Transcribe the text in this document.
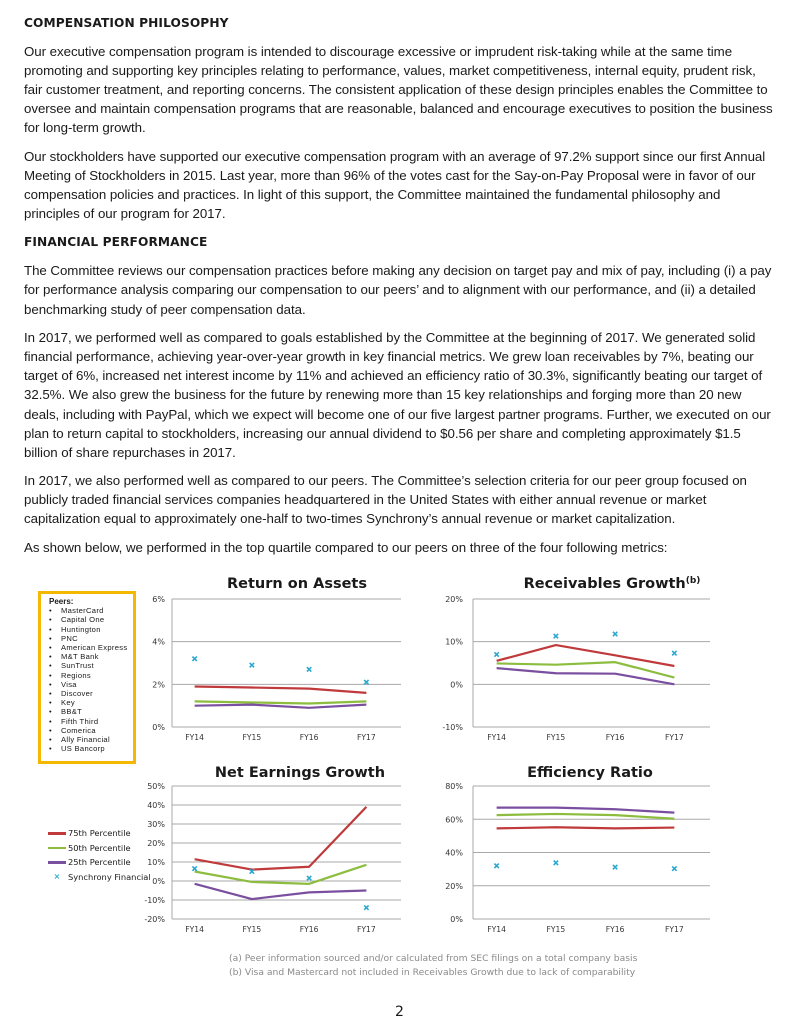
COMPENSATION PHILOSOPHY

Our executive compensation program is intended to discourage excessive or imprudent risk-taking while at the same time promoting and supporting key principles relating to performance, values, market competitiveness, internal equity, prudent risk, fair customer treatment, and reporting concerns. The consistent application of these design principles enables the Committee to oversee and maintain compensation programs that are reasonable, balanced and encourage executives to position the business for long-term growth.

Our stockholders have supported our executive compensation program with an average of 97.2% support since our first Annual Meeting of Stockholders in 2015. Last year, more than 96% of the votes cast for the Say-on-Pay Proposal were in favor of our compensation policies and practices. In light of this support, the Committee maintained the fundamental philosophy and principles of our program for 2017.

FINANCIAL PERFORMANCE

The Committee reviews our compensation practices before making any decision on target pay and mix of pay, including (i) a pay for performance analysis comparing our compensation to our peers’ and to alignment with our performance, and (ii) a detailed benchmarking study of peer compensation data.

In 2017, we performed well as compared to goals established by the Committee at the beginning of 2017. We generated solid financial performance, achieving year-over-year growth in key financial metrics. We grew loan receivables by 7%, beating our target of 6%, increased net interest income by 11% and achieved an efficiency ratio of 30.3%, significantly beating our target of 32.5%. We also grew the business for the future by renewing more than 15 key relationships and forging more than 20 new deals, including with PayPal, which we expect will become one of our five largest partner programs. Further, we executed on our plan to return capital to stockholders, increasing our annual dividend to $0.56 per share and completing approximately $1.5 billion of share repurchases in 2017.

In 2017, we also performed well as compared to our peers. The Committee’s selection criteria for our peer group focused on publicly traded financial services companies headquartered in the United States with either annual revenue or market capitalization equal to approximately one-half to two-times Synchrony’s annual revenue or market capitalization.

As shown below, we performed in the top quartile compared to our peers on three of the four following metrics:

Return on Assets
0%
2%
4%
6%
FY14	FY15	FY16	FY17
Receivables Growth$^{(b)}$
-10%
0%
10%
20%
FY14	FY15	FY16	FY17
Net Earnings Growth
-20%
-10%
0%
10%
20%
30%
40%
50%
FY14	FY15	FY16	FY17
Efficiency Ratio
0%
20%
40%
60%
80%
FY14	FY15	FY16	FY17
Peers:
• MasterCard
• Capital One
• Huntington
• PNC
• American Express
• M&T Bank
• SunTrust
• Regions
• Visa
• Discover
• Key
• BB&T
• Fifth Third
• Comerica
• Ally Financial
• US Bancorp
75th Percentile
50th Percentile
25th Percentile
× Synchrony Financial
(a) Peer information sourced and/or calculated from SEC filings on a total company basis
(b) Visa and Mastercard not included in Receivables Growth due to lack of comparability
2
